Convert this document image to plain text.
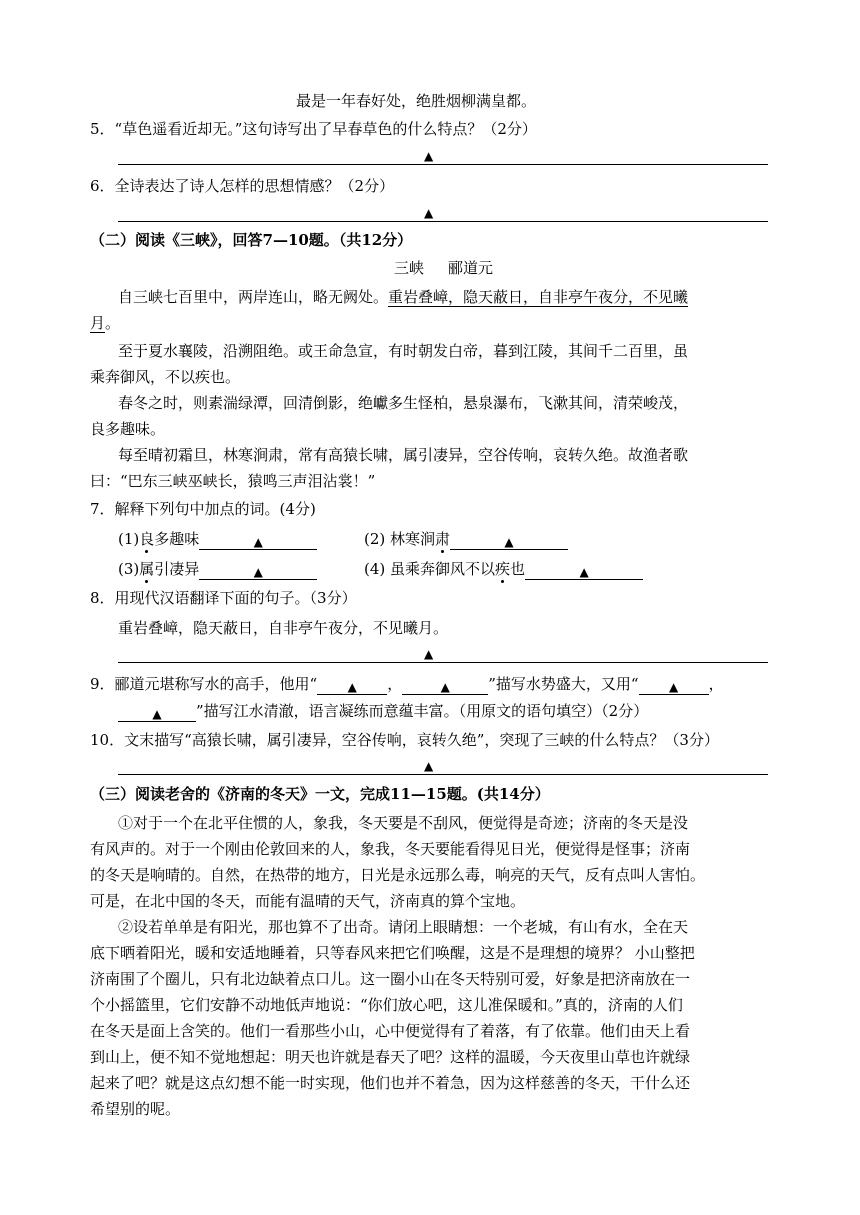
最是一年春好处，绝胜烟柳满皇都。
5．“草色遥看近却无。”这句诗写出了早春草色的什么特点？（2分）
▲
6．全诗表达了诗人怎样的思想情感？（2分）
▲
（二）阅读《三峡》，回答7—10题。（共12分）
三峡 郦道元
自三峡七百里中，两岸连山，略无阙处。重岩叠嶂，隐天蔽日，自非亭午夜分，不见曦
月。
至于夏水襄陵，沿溯阻绝。或王命急宣，有时朝发白帝，暮到江陵，其间千二百里，虽
乘奔御风，不以疾也。
春冬之时，则素湍绿潭，回清倒影，绝巘多生怪柏，悬泉瀑布，飞漱其间，清荣峻茂，
良多趣味。
每至晴初霜旦，林寒涧肃，常有高猿长啸，属引凄异，空谷传响，哀转久绝。故渔者歌
曰：“巴东三峡巫峡长，猿鸣三声泪沾裳！”
7．解释下列句中加点的词。(4分)
(1)良多趣味	▲	(2) 林寒涧肃	▲
(3)属引凄异	▲	(4) 虽乘奔御风不以疾也	▲
8．用现代汉语翻译下面的句子。（3分）
重岩叠嶂，隐天蔽日，自非亭午夜分，不见曦月。
▲
9．郦道元堪称写水的高手，他用“	▲ ，	▲	”描写水势盛大，又用“	▲ ，
▲ ”描写江水清澈，语言凝练而意蕴丰富。（用原文的语句填空）（2分）
10．文末描写“高猿长啸，属引凄异，空谷传响，哀转久绝”，突现了三峡的什么特点？（3分）
▲
（三）阅读老舍的《济南的冬天》一文，完成11—15题。(共14分）
①对于一个在北平住惯的人，象我，冬天要是不刮风，便觉得是奇迹；济南的冬天是没
有风声的。对于一个刚由伦敦回来的人，象我，冬天要能看得见日光，便觉得是怪事；济南
的冬天是响晴的。自然，在热带的地方，日光是永远那么毒，响亮的天气，反有点叫人害怕。
可是，在北中国的冬天，而能有温晴的天气，济南真的算个宝地。
②设若单单是有阳光，那也算不了出奇。请闭上眼睛想：一个老城，有山有水，全在天
底下晒着阳光，暖和安适地睡着，只等春风来把它们唤醒，这是不是理想的境界？ 小山整把
济南围了个圈儿，只有北边缺着点口儿。这一圈小山在冬天特别可爱，好象是把济南放在一
个小摇篮里，它们安静不动地低声地说：“你们放心吧，这儿准保暖和。”真的，济南的人们
在冬天是面上含笑的。他们一看那些小山，心中便觉得有了着落，有了依靠。他们由天上看
到山上，便不知不觉地想起：明天也许就是春天了吧？这样的温暖，今天夜里山草也许就绿
起来了吧？就是这点幻想不能一时实现，他们也并不着急，因为这样慈善的冬天，干什么还
希望别的呢。
